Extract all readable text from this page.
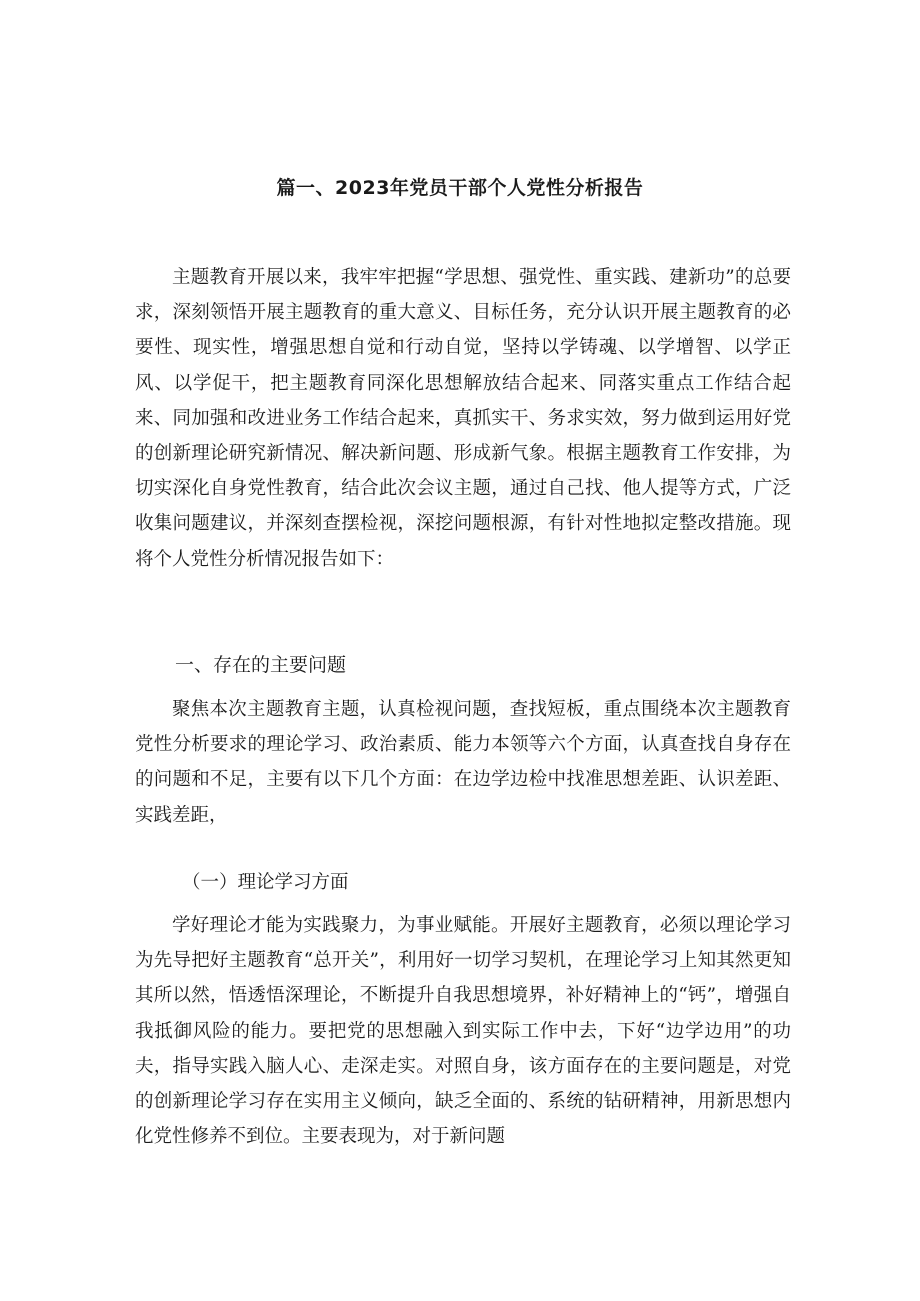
篇一、2023年党员干部个人党性分析报告

主题教育开展以来，我牢牢把握“学思想、强党性、重实践、建新功”的总要求，深刻领悟开展主题教育的重大意义、目标任务，充分认识开展主题教育的必要性、现实性，增强思想自觉和行动自觉，坚持以学铸魂、以学增智、以学正风、以学促干，把主题教育同深化思想解放结合起来、同落实重点工作结合起来、同加强和改进业务工作结合起来，真抓实干、务求实效，努力做到运用好党的创新理论研究新情况、解决新问题、形成新气象。根据主题教育工作安排，为切实深化自身党性教育，结合此次会议主题，通过自己找、他人提等方式，广泛收集问题建议，并深刻查摆检视，深挖问题根源，有针对性地拟定整改措施。现将个人党性分析情况报告如下：

一、存在的主要问题

聚焦本次主题教育主题，认真检视问题，查找短板，重点围绕本次主题教育党性分析要求的理论学习、政治素质、能力本领等六个方面，认真查找自身存在的问题和不足，主要有以下几个方面：在边学边检中找准思想差距、认识差距、实践差距，

（一）理论学习方面

学好理论才能为实践聚力，为事业赋能。开展好主题教育，必须以理论学习为先导把好主题教育“总开关”，利用好一切学习契机，在理论学习上知其然更知其所以然，悟透悟深理论，不断提升自我思想境界，补好精神上的“钙”，增强自我抵御风险的能力。要把党的思想融入到实际工作中去，下好“边学边用”的功夫，指导实践入脑人心、走深走实。对照自身，该方面存在的主要问题是，对党的创新理论学习存在实用主义倾向，缺乏全面的、系统的钻研精神，用新思想内化党性修养不到位。主要表现为，对于新问题
